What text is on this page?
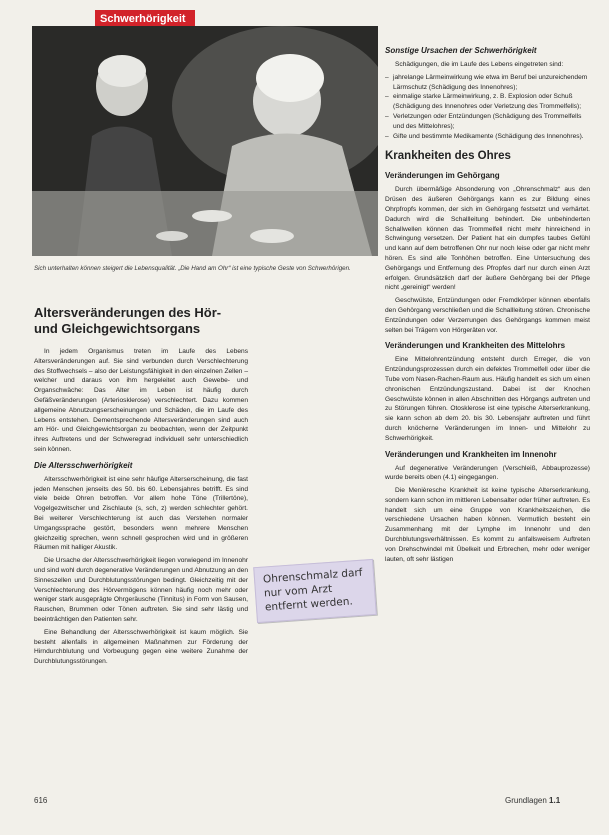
Schwerhörigkeit
Sich unterhalten können steigert die Lebensqualität. „Die Hand am Ohr“ ist eine typische Geste von Schwerhörigen.
Altersveränderungen des Hör- und Gleichgewichtsorgans

In jedem Organismus treten im Laufe des Lebens Altersveränderungen auf. Sie sind verbunden durch Verschlechterung des Stoffwechsels – also der Leistungsfähigkeit in den einzelnen Zellen – welcher und daraus von ihm hergeleitet auch Gewebe- und Organschwäche: Das Alter im Leben ist häufig durch Gefäßveränderungen (Arteriosklerose) verschlechtert. Dazu kommen allgemeine Abnutzungserscheinungen und Schäden, die im Laufe des Lebens entstehen. Dementsprechende Altersveränderungen sind auch am Hör- und Gleichgewichtsorgan zu beobachten, wenn der Zeitpunkt ihres Auftretens und der Schweregrad individuell sehr unterschiedlich sein können.

Die Altersschwerhörigkeit

Altersschwerhörigkeit ist eine sehr häufige Alterserscheinung, die fast jeden Menschen jenseits des 50. bis 60. Lebensjahres betrifft. Es sind viele beide Ohren betroffen. Vor allem hohe Töne (Trillertöne), Vogelgezwitscher und Zischlaute (s, sch, z) werden schlechter gehört. Bei weiterer Verschlechterung ist auch das Verstehen normaler Umgangssprache gestört, besonders wenn mehrere Menschen gleichzeitig sprechen, wenn schnell gesprochen wird und in größeren Räumen mit halliger Akustik.

Die Ursache der Altersschwerhörigkeit liegen vorwiegend im Innenohr und sind wohl durch degenerative Veränderungen und Abnutzung an den Sinneszellen und Durchblutungsstörungen bedingt. Gleichzeitig mit der Verschlechterung des Hörvermögens können häufig noch mehr oder weniger stark ausgeprägte Ohrgeräusche (Tinnitus) in Form von Sausen, Rauschen, Brummen oder Tönen auftreten. Sie sind sehr lästig und beeinträchtigen den Patienten sehr.

Eine Behandlung der Altersschwerhörigkeit ist kaum möglich. Sie besteht allenfalls in allgemeinen Maßnahmen zur Förderung der Hirndurchblutung und Vorbeugung gegen eine weitere Zunahme der Durchblutungsstörungen.

Ohrenschmalz darf nur vom Arzt entfernt werden.
Sonstige Ursachen der Schwerhörigkeit

Schädigungen, die im Laufe des Lebens eingetreten sind:

– jahrelange Lärmeinwirkung wie etwa im Beruf bei unzureichendem Lärmschutz (Schädigung des Innenohres);
– einmalige starke Lärmeinwirkung, z. B. Explosion oder Schuß (Schädigung des Innenohres oder Verletzung des Trommelfells);
– Verletzungen oder Entzündungen (Schädigung des Trommelfells und des Mittelohres);
– Gifte und bestimmte Medikamente (Schädigung des Innenohres).
Krankheiten des Ohres
Veränderungen im Gehörgang

Durch übermäßige Absonderung von „Ohrenschmalz“ aus den Drüsen des äußeren Gehörgangs kann es zur Bildung eines Ohrpfropfs kommen, der sich im Gehörgang festsetzt und verhärtet. Dadurch wird die Schallleitung behindert. Die unbehinderten Schallwellen können das Trommelfell nicht mehr hinreichend in Schwingung versetzen. Der Patient hat ein dumpfes taubes Gefühl und kann auf dem betroffenen Ohr nur noch leise oder gar nicht mehr hören. Es sind alle Tonhöhen betroffen. Eine Untersuchung des Gehörgangs und Entfernung des Pfropfes darf nur durch einen Arzt erfolgen. Grundsätzlich darf der äußere Gehörgang bei der Pflege nicht „gereinigt“ werden!

Geschwülste, Entzündungen oder Fremdkörper können ebenfalls den Gehörgang verschließen und die Schallleitung stören. Chronische Entzündungen oder Verzerrungen des Gehörgangs kommen meist selten bei Trägern von Hörgeräten vor.

Veränderungen und Krankheiten des Mittelohrs

Eine Mittelohrentzündung entsteht durch Erreger, die von Entzündungsprozessen durch ein defektes Trommelfell oder über die Tube vom Nasen-Rachen-Raum aus. Häufig handelt es sich um einen chronischen Entzündungszustand. Dabei ist der Knochen Geschwülste können in allen Abschnitten des Hörgangs auftreten und zu Störungen führen. Otosklerose ist eine typische Alterserkrankung, sie kann schon ab dem 20. bis 30. Lebensjahr auftreten und führt durch knöcherne Veränderungen im Innen- und Mittelohr zu Schwerhörigkeit.

Veränderungen und Krankheiten im Innenohr

Auf degenerative Veränderungen (Verschleiß, Abbauprozesse) wurde bereits oben (4.1) eingegangen.

Die Menièresche Krankheit ist keine typische Alterserkrankung, sondern kann schon im mittleren Lebensalter oder früher auftreten. Es handelt sich um eine Gruppe von Krankheitszeichen, die verschiedene Ursachen haben können. Vermutlich besteht ein Zusammenhang mit der Lymphe im Innenohr und den Durchblutungsverhältnissen. Es kommt zu anfallsweisem Auftreten von Drehschwindel mit Übelkeit und Erbrechen, mehr oder weniger lauten, oft sehr lästigen

616	Grundlagen 1.1
